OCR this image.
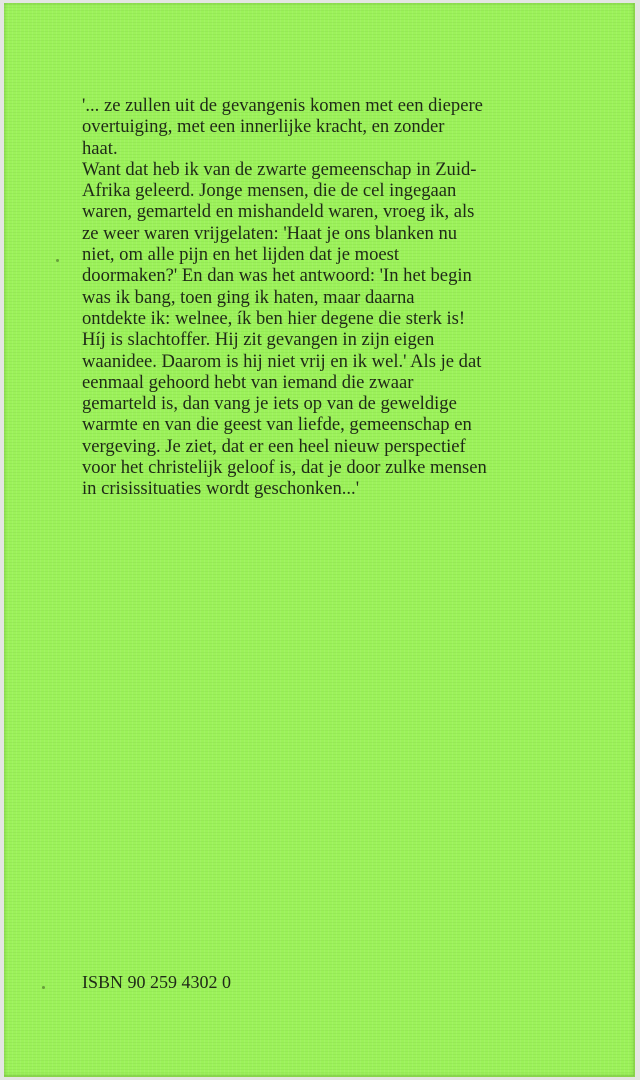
'... ze zullen uit de gevangenis komen met een diepere
overtuiging, met een innerlijke kracht, en zonder
haat.
Want dat heb ik van de zwarte gemeenschap in Zuid-
Afrika geleerd. Jonge mensen, die de cel ingegaan
waren, gemarteld en mishandeld waren, vroeg ik, als
ze weer waren vrijgelaten: 'Haat je ons blanken nu
niet, om alle pijn en het lijden dat je moest
doormaken?' En dan was het antwoord: 'In het begin
was ik bang, toen ging ik haten, maar daarna
ontdekte ik: welnee, ík ben hier degene die sterk is!
Híj is slachtoffer. Hij zit gevangen in zijn eigen
waanidee. Daarom is hij niet vrij en ik wel.' Als je dat
eenmaal gehoord hebt van iemand die zwaar
gemarteld is, dan vang je iets op van de geweldige
warmte en van die geest van liefde, gemeenschap en
vergeving. Je ziet, dat er een heel nieuw perspectief
voor het christelijk geloof is, dat je door zulke mensen
in crisissituaties wordt geschonken...'

ISBN 90 259 4302 0
